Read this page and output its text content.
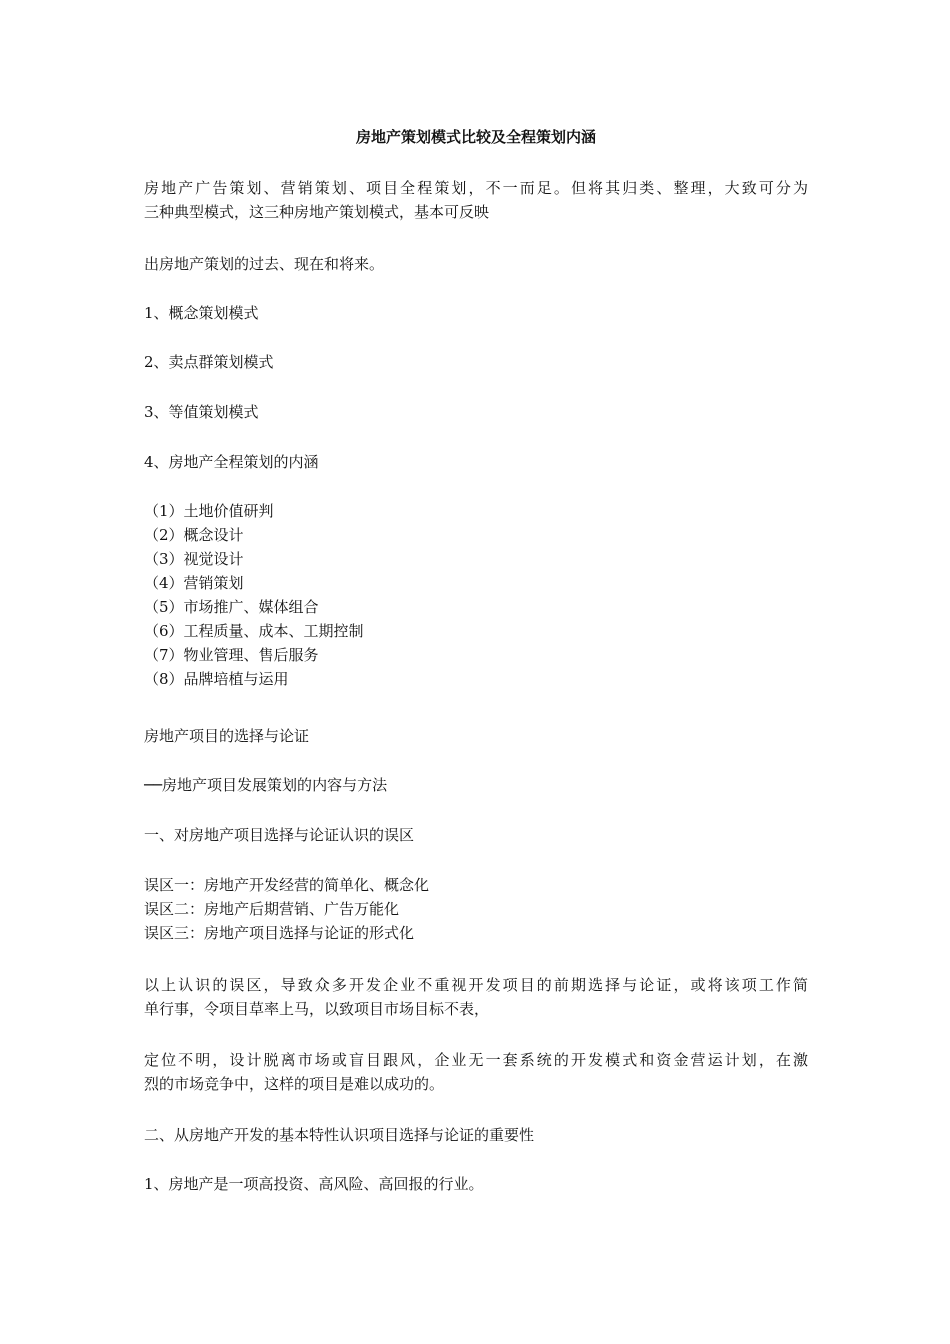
房地产策划模式比较及全程策划内涵

房地产广告策划、营销策划、项目全程策划，不一而足。但将其归类、整理，大致可分为
三种典型模式，这三种房地产策划模式，基本可反映

出房地产策划的过去、现在和将来。

1、概念策划模式

2、卖点群策划模式

3、等值策划模式

4、房地产全程策划的内涵

（1）土地价值研判
（2）概念设计
（3）视觉设计
（4）营销策划
（5）市场推广、媒体组合
（6）工程质量、成本、工期控制
（7）物业管理、售后服务
（8）品牌培植与运用

房地产项目的选择与论证

──房地产项目发展策划的内容与方法

一、对房地产项目选择与论证认识的误区

误区一：房地产开发经营的简单化、概念化
误区二：房地产后期营销、广告万能化
误区三：房地产项目选择与论证的形式化

以上认识的误区，导致众多开发企业不重视开发项目的前期选择与论证，或将该项工作简
单行事，令项目草率上马，以致项目市场目标不表，

定位不明，设计脱离市场或盲目跟风，企业无一套系统的开发模式和资金营运计划，在激
烈的市场竞争中，这样的项目是难以成功的。

二、从房地产开发的基本特性认识项目选择与论证的重要性

1、房地产是一项高投资、高风险、高回报的行业。
